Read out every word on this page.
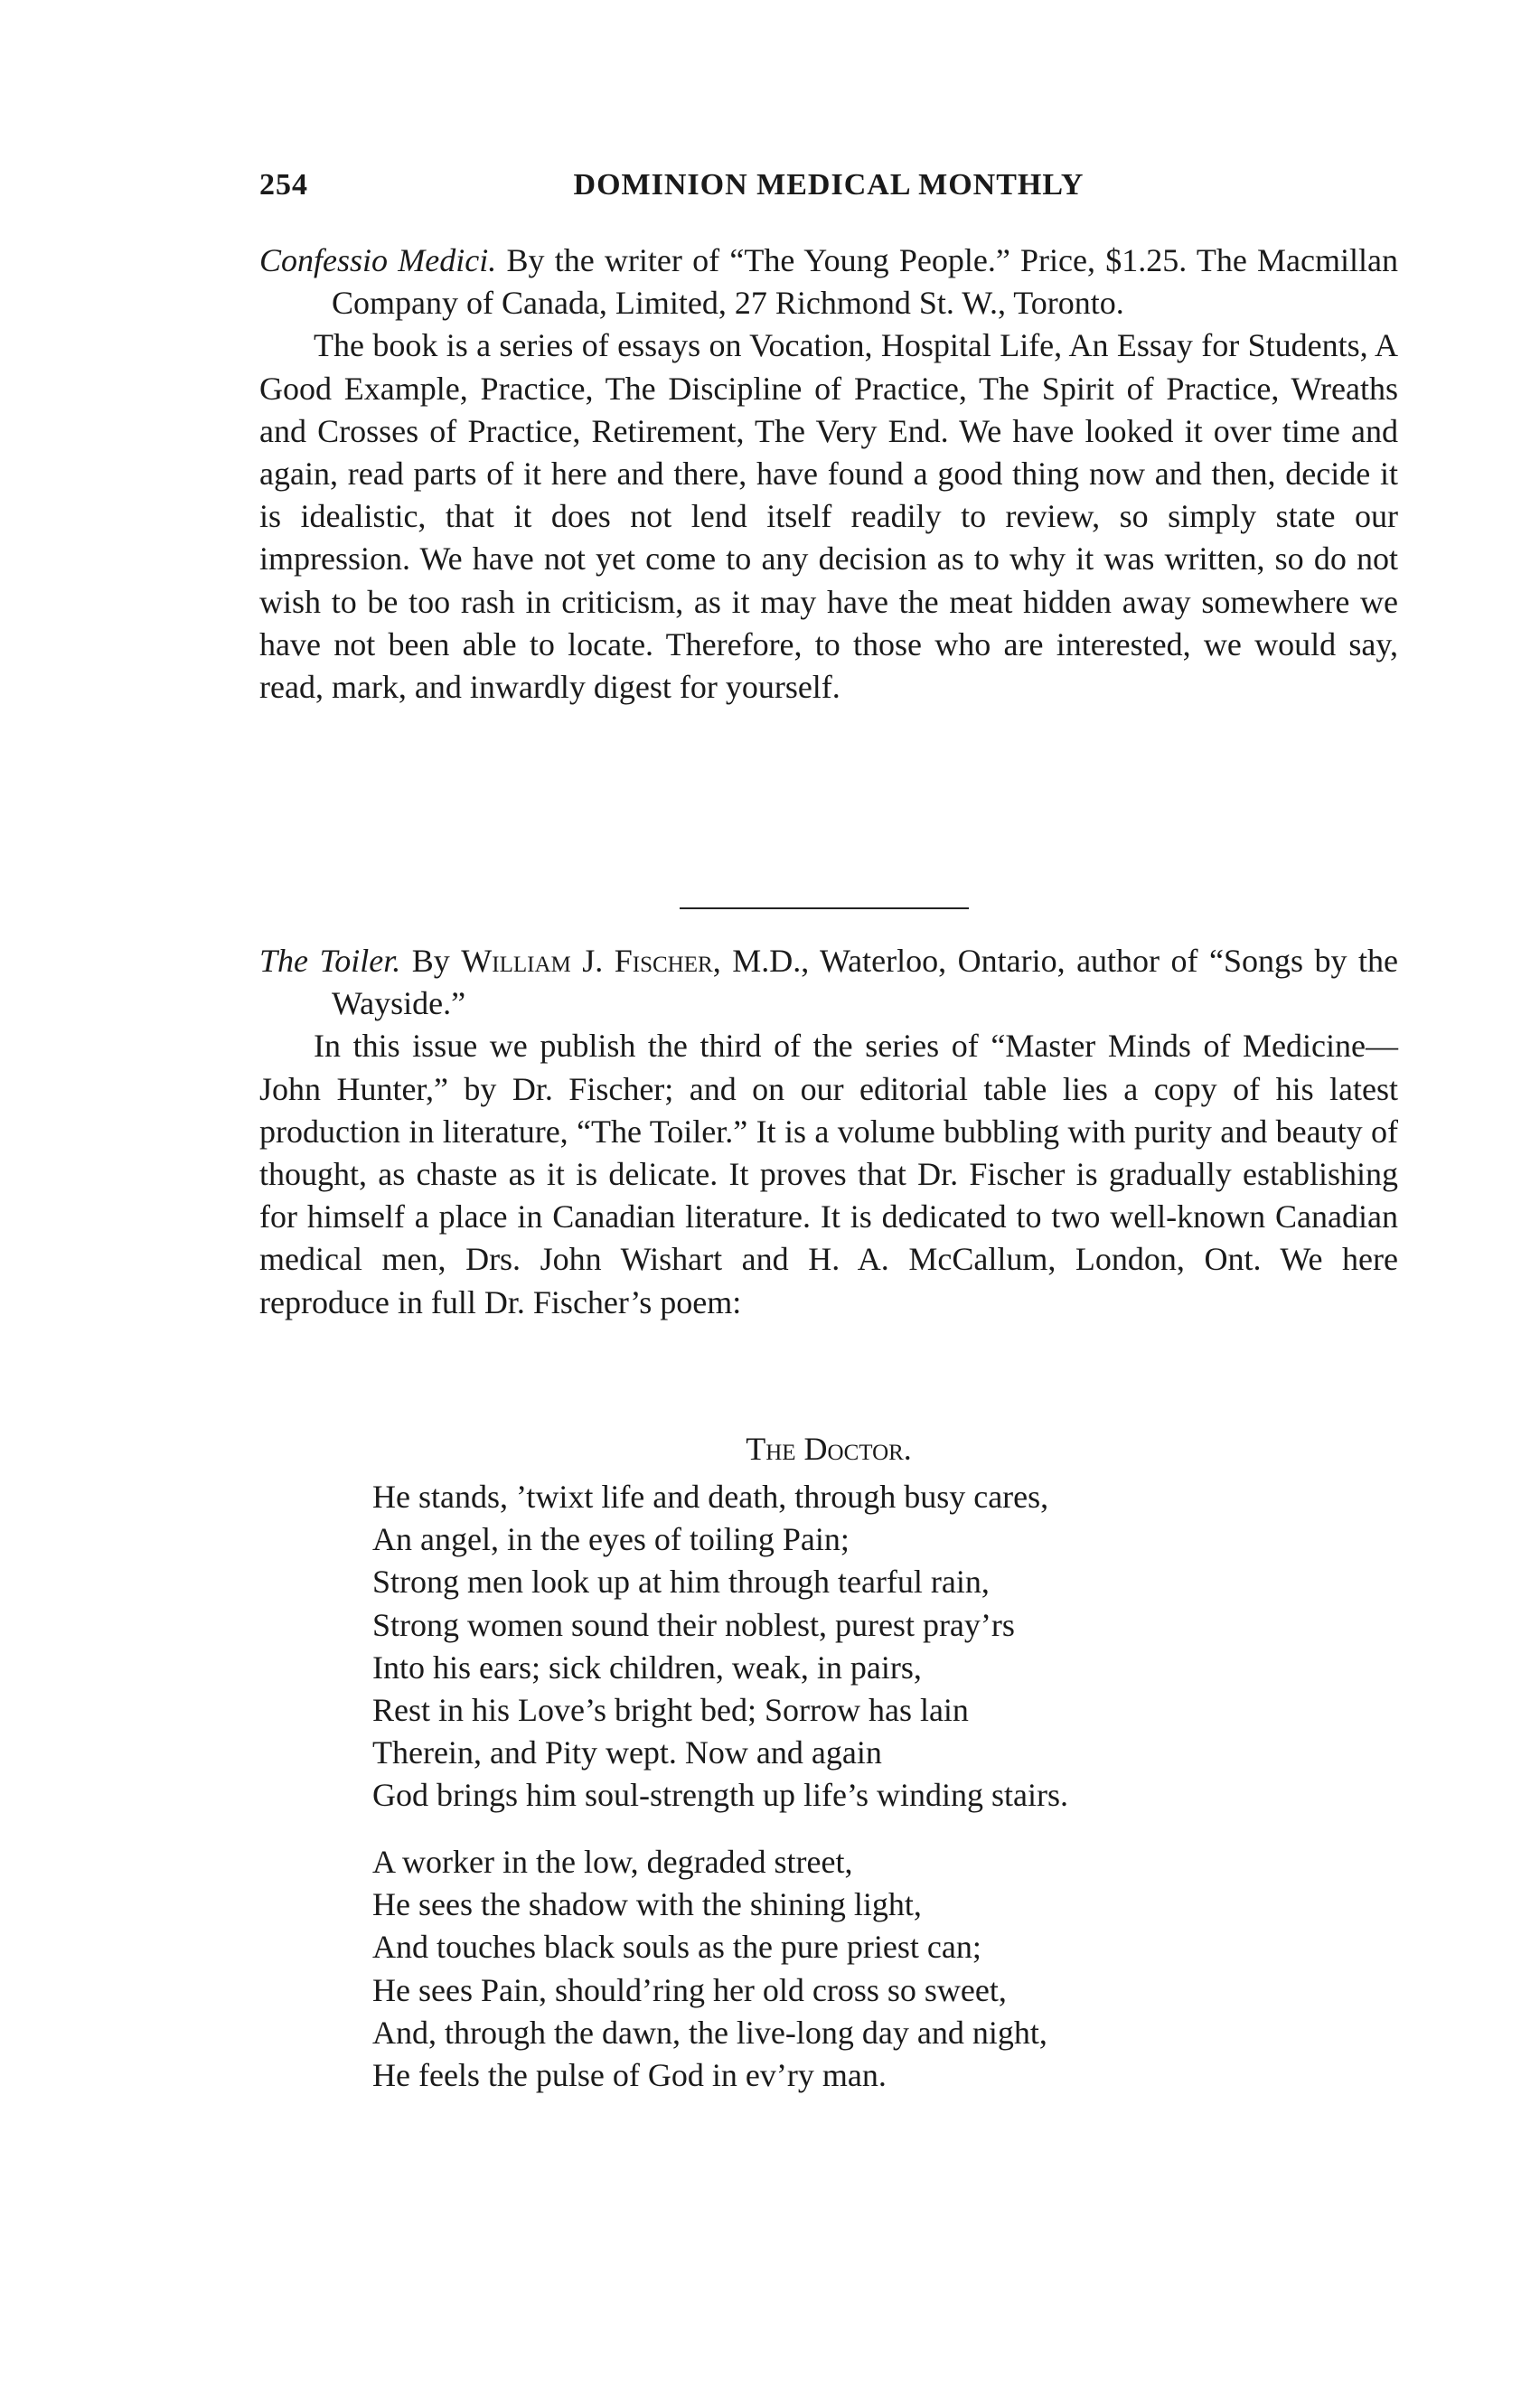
254	DOMINION MEDICAL MONTHLY

Confessio Medici. By the writer of “The Young People.” Price, $1.25. The Macmillan Company of Canada, Limited, 27 Richmond St. W., Toronto.

The book is a series of essays on Vocation, Hospital Life, An Essay for Students, A Good Example, Practice, The Discipline of Practice, The Spirit of Practice, Wreaths and Crosses of Practice, Retirement, The Very End. We have looked it over time and again, read parts of it here and there, have found a good thing now and then, decide it is idealistic, that it does not lend itself readily to review, so simply state our impression. We have not yet come to any decision as to why it was written, so do not wish to be too rash in criticism, as it may have the meat hidden away somewhere we have not been able to locate. Therefore, to those who are interested, we would say, read, mark, and inwardly digest for yourself.

The Toiler. By William J. Fischer, M.D., Waterloo, Ontario, author of “Songs by the Wayside.”

In this issue we publish the third of the series of “Master Minds of Medicine—John Hunter,” by Dr. Fischer; and on our editorial table lies a copy of his latest production in literature, “The Toiler.” It is a volume bubbling with purity and beauty of thought, as chaste as it is delicate. It proves that Dr. Fischer is gradually establishing for himself a place in Canadian literature. It is dedicated to two well-known Canadian medical men, Drs. John Wishart and H. A. McCallum, London, Ont. We here reproduce in full Dr. Fischer’s poem:

The Doctor.

He stands, ’twixt life and death, through busy cares,
An angel, in the eyes of toiling Pain;
Strong men look up at him through tearful rain,
Strong women sound their noblest, purest pray’rs
Into his ears; sick children, weak, in pairs,
Rest in his Love’s bright bed; Sorrow has lain
Therein, and Pity wept. Now and again
God brings him soul-strength up life’s winding stairs.
A worker in the low, degraded street,
He sees the shadow with the shining light,
And touches black souls as the pure priest can;
He sees Pain, should’ring her old cross so sweet,
And, through the dawn, the live-long day and night,
He feels the pulse of God in ev’ry man.
